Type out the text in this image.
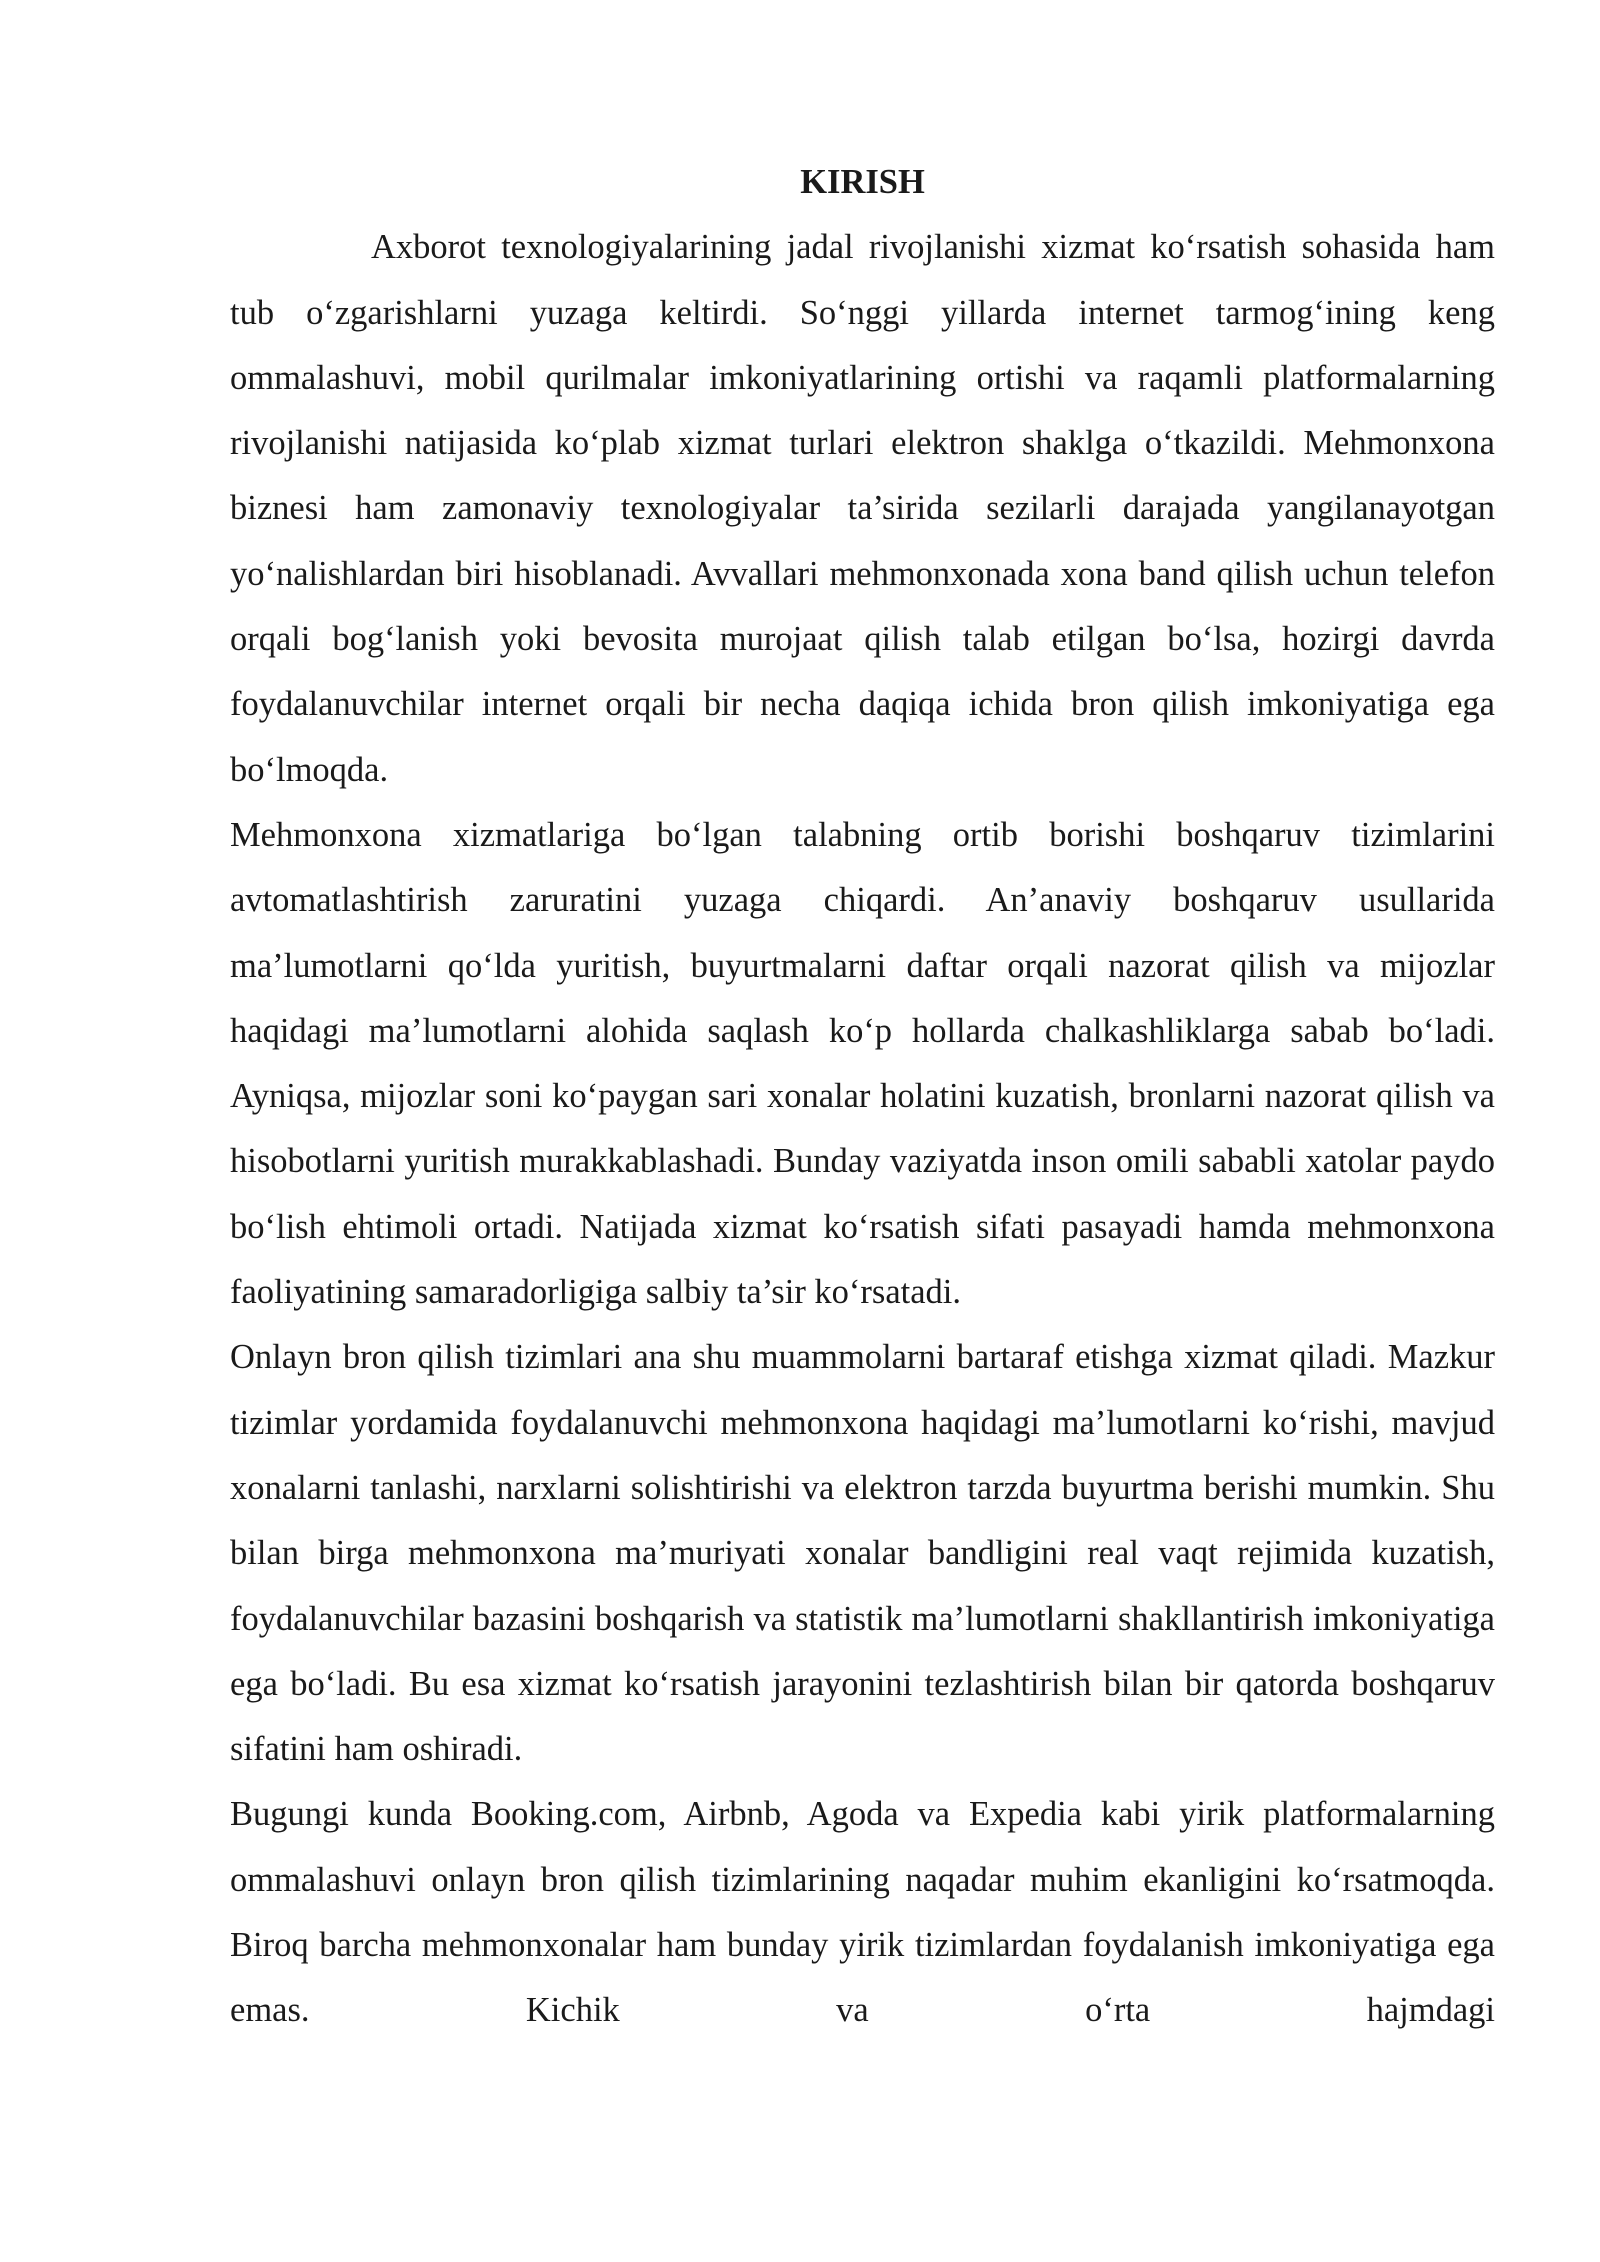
KIRISH

Axborot texnologiyalarining jadal rivojlanishi xizmat ko‘rsatish sohasida ham tub o‘zgarishlarni yuzaga keltirdi. So‘nggi yillarda internet tarmog‘ining keng ommalashuvi, mobil qurilmalar imkoniyatlarining ortishi va raqamli platformalarning rivojlanishi natijasida ko‘plab xizmat turlari elektron shaklga o‘tkazildi. Mehmonxona biznesi ham zamonaviy texnologiyalar ta’sirida sezilarli darajada yangilanayotgan yo‘nalishlardan biri hisoblanadi. Avvallari mehmonxonada xona band qilish uchun telefon orqali bog‘lanish yoki bevosita murojaat qilish talab etilgan bo‘lsa, hozirgi davrda foydalanuvchilar internet orqali bir necha daqiqa ichida bron qilish imkoniyatiga ega bo‘lmoqda.

Mehmonxona xizmatlariga bo‘lgan talabning ortib borishi boshqaruv tizimlarini avtomatlashtirish zaruratini yuzaga chiqardi. An’anaviy boshqaruv usullarida ma’lumotlarni qo‘lda yuritish, buyurtmalarni daftar orqali nazorat qilish va mijozlar haqidagi ma’lumotlarni alohida saqlash ko‘p hollarda chalkashliklarga sabab bo‘ladi. Ayniqsa, mijozlar soni ko‘paygan sari xonalar holatini kuzatish, bronlarni nazorat qilish va hisobotlarni yuritish murakkablashadi. Bunday vaziyatda inson omili sababli xatolar paydo bo‘lish ehtimoli ortadi. Natijada xizmat ko‘rsatish sifati pasayadi hamda mehmonxona faoliyatining samaradorligiga salbiy ta’sir ko‘rsatadi.

Onlayn bron qilish tizimlari ana shu muammolarni bartaraf etishga xizmat qiladi. Mazkur tizimlar yordamida foydalanuvchi mehmonxona haqidagi ma’lumotlarni ko‘rishi, mavjud xonalarni tanlashi, narxlarni solishtirishi va elektron tarzda buyurtma berishi mumkin. Shu bilan birga mehmonxona ma’muriyati xonalar bandligini real vaqt rejimida kuzatish, foydalanuvchilar bazasini boshqarish va statistik ma’lumotlarni shakllantirish imkoniyatiga ega bo‘ladi. Bu esa xizmat ko‘rsatish jarayonini tezlashtirish bilan bir qatorda boshqaruv sifatini ham oshiradi.

Bugungi kunda Booking.com, Airbnb, Agoda va Expedia kabi yirik platformalarning ommalashuvi onlayn bron qilish tizimlarining naqadar muhim ekanligini ko‘rsatmoqda. Biroq barcha mehmonxonalar ham bunday yirik tizimlardan foydalanish imkoniyatiga ega emas. Kichik va o‘rta hajmdagi
